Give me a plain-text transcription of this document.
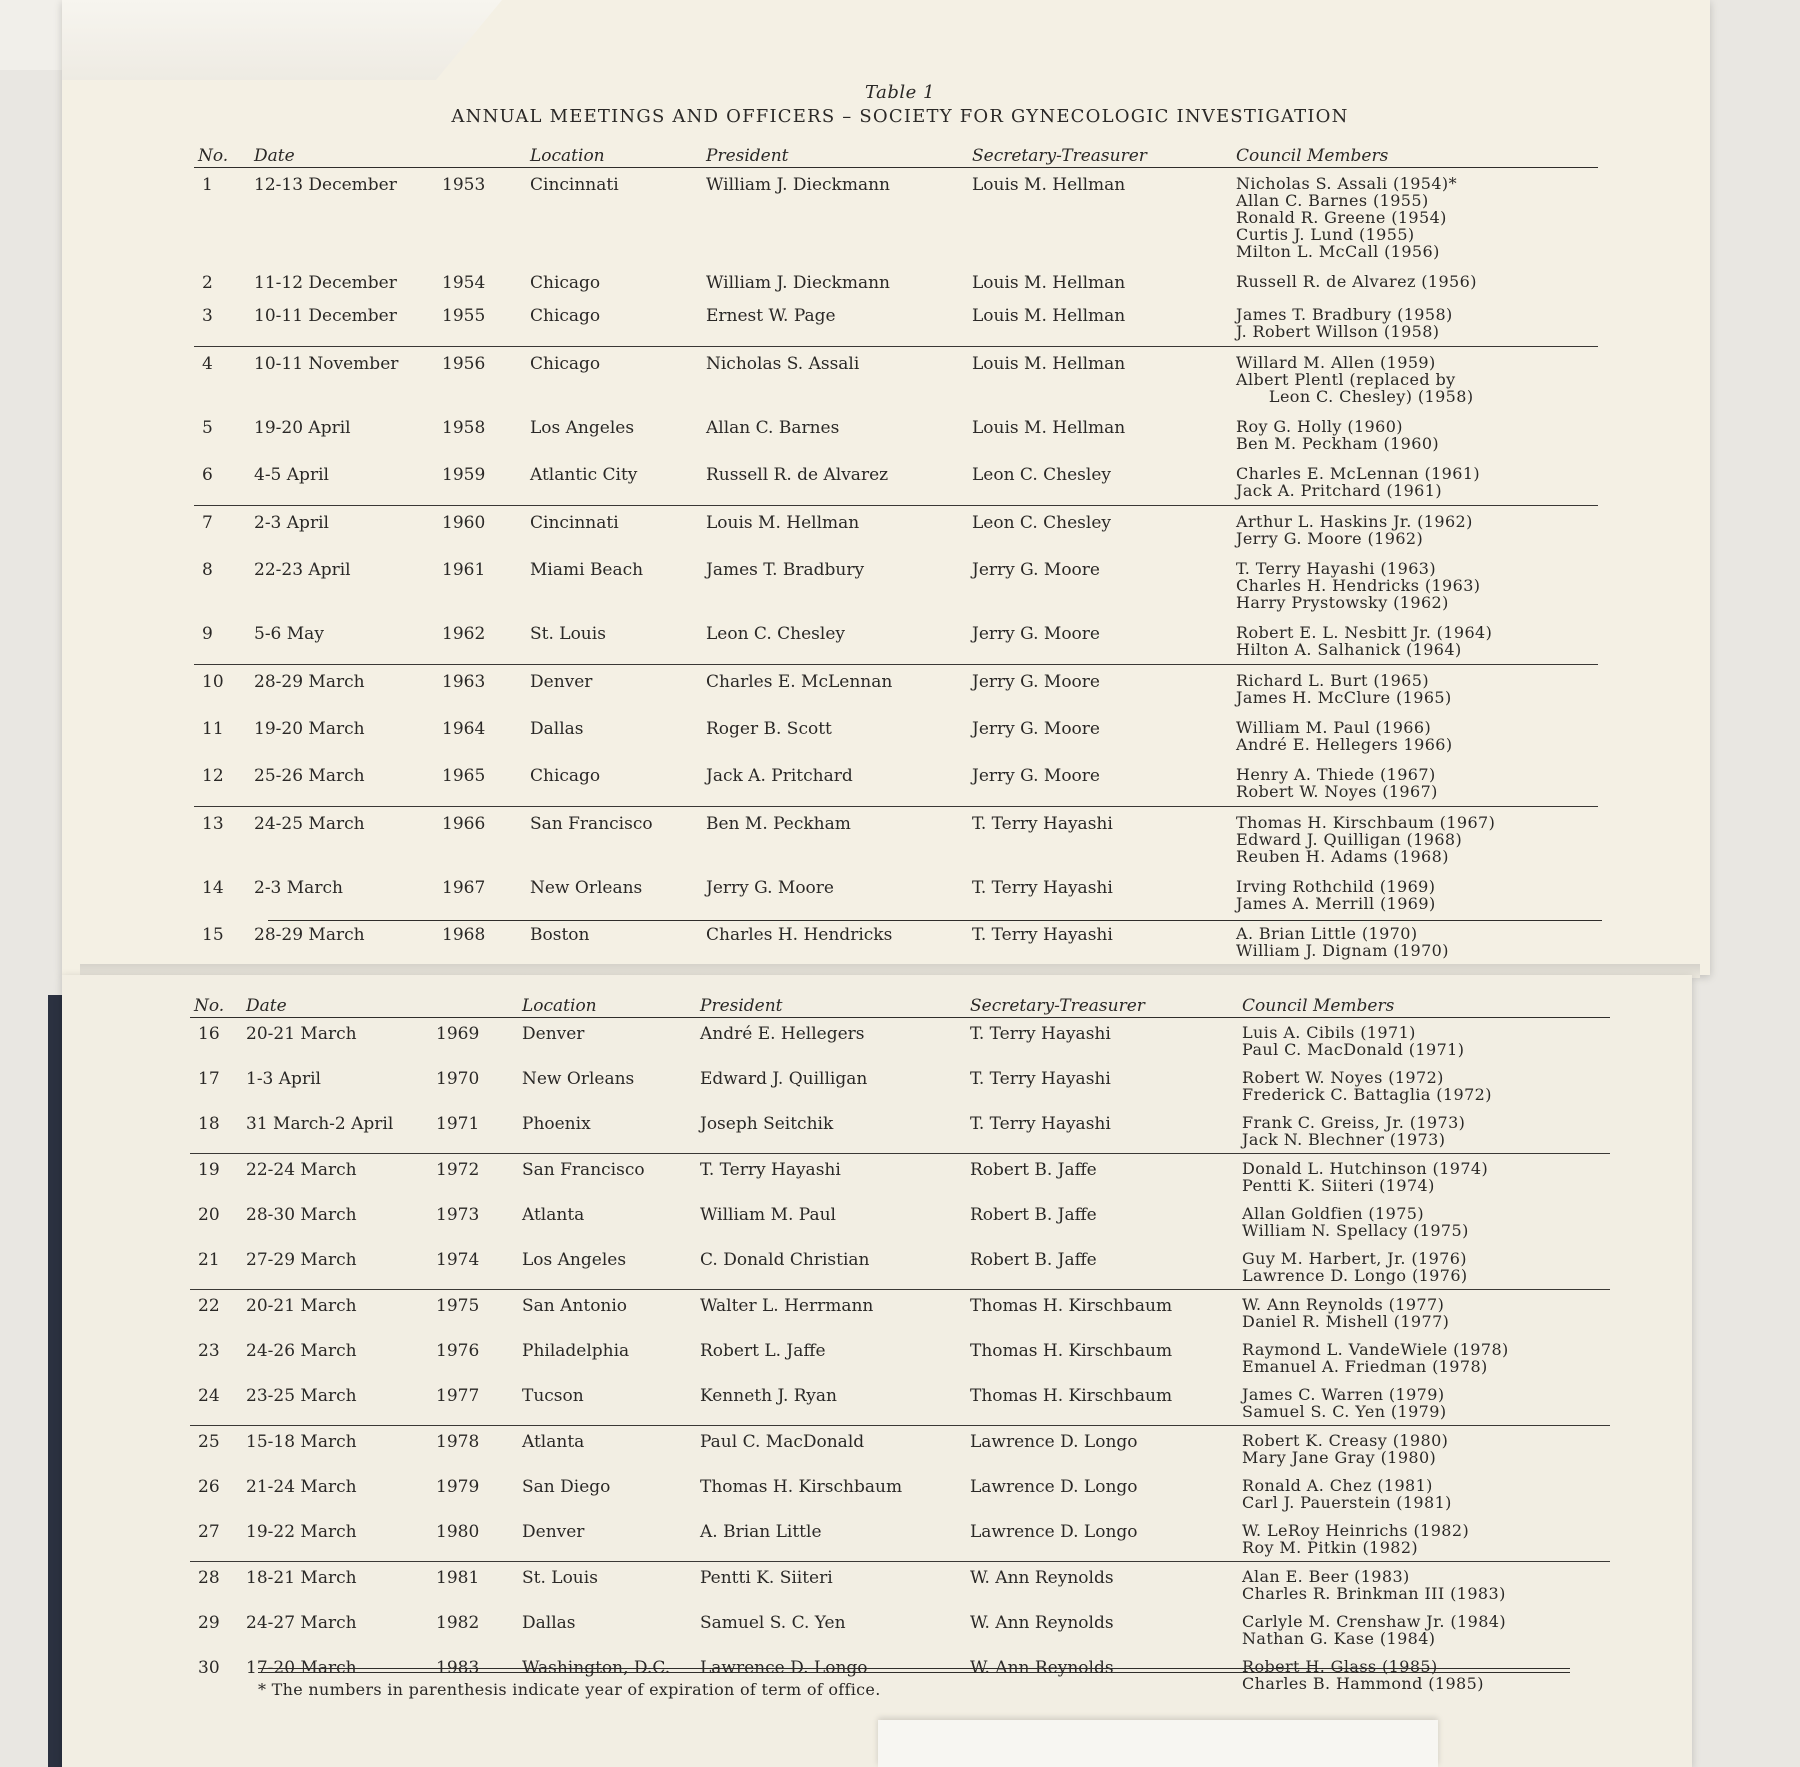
Table 1
ANNUAL MEETINGS AND OFFICERS – SOCIETY FOR GYNECOLOGIC INVESTIGATION
No.	Date		Location	President	Secretary-Treasurer	Council Members
1	12-13 December	1953	Cincinnati	William J. Dieckmann	Louis M. Hellman	Nicholas S. Assali (1954)*
Allan C. Barnes (1955)
Ronald R. Greene (1954)
Curtis J. Lund (1955)
Milton L. McCall (1956)

2	11-12 December	1954	Chicago	William J. Dieckmann	Louis M. Hellman	Russell R. de Alvarez (1956)

3	10-11 December	1955	Chicago	Ernest W. Page	Louis M. Hellman	James T. Bradbury (1958)
J. Robert Willson (1958)

4	10-11 November	1956	Chicago	Nicholas S. Assali	Louis M. Hellman	Willard M. Allen (1959)
Albert Plentl (replaced by
Leon C. Chesley) (1958)

5	19-20 April	1958	Los Angeles	Allan C. Barnes	Louis M. Hellman	Roy G. Holly (1960)
Ben M. Peckham (1960)

6	4-5 April	1959	Atlantic City	Russell R. de Alvarez	Leon C. Chesley	Charles E. McLennan (1961)
Jack A. Pritchard (1961)

7	2-3 April	1960	Cincinnati	Louis M. Hellman	Leon C. Chesley	Arthur L. Haskins Jr. (1962)
Jerry G. Moore (1962)

8	22-23 April	1961	Miami Beach	James T. Bradbury	Jerry G. Moore	T. Terry Hayashi (1963)
Charles H. Hendricks (1963)
Harry Prystowsky (1962)

9	5-6 May	1962	St. Louis	Leon C. Chesley	Jerry G. Moore	Robert E. L. Nesbitt Jr. (1964)
Hilton A. Salhanick (1964)

10	28-29 March	1963	Denver	Charles E. McLennan	Jerry G. Moore	Richard L. Burt (1965)
James H. McClure (1965)

11	19-20 March	1964	Dallas	Roger B. Scott	Jerry G. Moore	William M. Paul (1966)
André E. Hellegers 1966)

12	25-26 March	1965	Chicago	Jack A. Pritchard	Jerry G. Moore	Henry A. Thiede (1967)
Robert W. Noyes (1967)

13	24-25 March	1966	San Francisco	Ben M. Peckham	T. Terry Hayashi	Thomas H. Kirschbaum (1967)
Edward J. Quilligan (1968)
Reuben H. Adams (1968)

14	2-3 March	1967	New Orleans	Jerry G. Moore	T. Terry Hayashi	Irving Rothchild (1969)
James A. Merrill (1969)

15	28-29 March	1968	Boston	Charles H. Hendricks	T. Terry Hayashi	A. Brian Little (1970)
William J. Dignam (1970)
No.	Date		Location	President	Secretary-Treasurer	Council Members
16	20-21 March	1969	Denver	André E. Hellegers	T. Terry Hayashi	Luis A. Cibils (1971)
Paul C. MacDonald (1971)

17	1-3 April	1970	New Orleans	Edward J. Quilligan	T. Terry Hayashi	Robert W. Noyes (1972)
Frederick C. Battaglia (1972)

18	31 March-2 April	1971	Phoenix	Joseph Seitchik	T. Terry Hayashi	Frank C. Greiss, Jr. (1973)
Jack N. Blechner (1973)

19	22-24 March	1972	San Francisco	T. Terry Hayashi	Robert B. Jaffe	Donald L. Hutchinson (1974)
Pentti K. Siiteri (1974)

20	28-30 March	1973	Atlanta	William M. Paul	Robert B. Jaffe	Allan Goldfien (1975)
William N. Spellacy (1975)

21	27-29 March	1974	Los Angeles	C. Donald Christian	Robert B. Jaffe	Guy M. Harbert, Jr. (1976)
Lawrence D. Longo (1976)

22	20-21 March	1975	San Antonio	Walter L. Herrmann	Thomas H. Kirschbaum	W. Ann Reynolds (1977)
Daniel R. Mishell (1977)

23	24-26 March	1976	Philadelphia	Robert L. Jaffe	Thomas H. Kirschbaum	Raymond L. VandeWiele (1978)
Emanuel A. Friedman (1978)

24	23-25 March	1977	Tucson	Kenneth J. Ryan	Thomas H. Kirschbaum	James C. Warren (1979)
Samuel S. C. Yen (1979)

25	15-18 March	1978	Atlanta	Paul C. MacDonald	Lawrence D. Longo	Robert K. Creasy (1980)
Mary Jane Gray (1980)

26	21-24 March	1979	San Diego	Thomas H. Kirschbaum	Lawrence D. Longo	Ronald A. Chez (1981)
Carl J. Pauerstein (1981)

27	19-22 March	1980	Denver	A. Brian Little	Lawrence D. Longo	W. LeRoy Heinrichs (1982)
Roy M. Pitkin (1982)

28	18-21 March	1981	St. Louis	Pentti K. Siiteri	W. Ann Reynolds	Alan E. Beer (1983)
Charles R. Brinkman III (1983)

29	24-27 March	1982	Dallas	Samuel S. C. Yen	W. Ann Reynolds	Carlyle M. Crenshaw Jr. (1984)
Nathan G. Kase (1984)

30	17-20 March	1983	Washington, D.C.	Lawrence D. Longo	W. Ann Reynolds	Robert H. Glass (1985)
Charles B. Hammond (1985)
* The numbers in parenthesis indicate year of expiration of term of office.
